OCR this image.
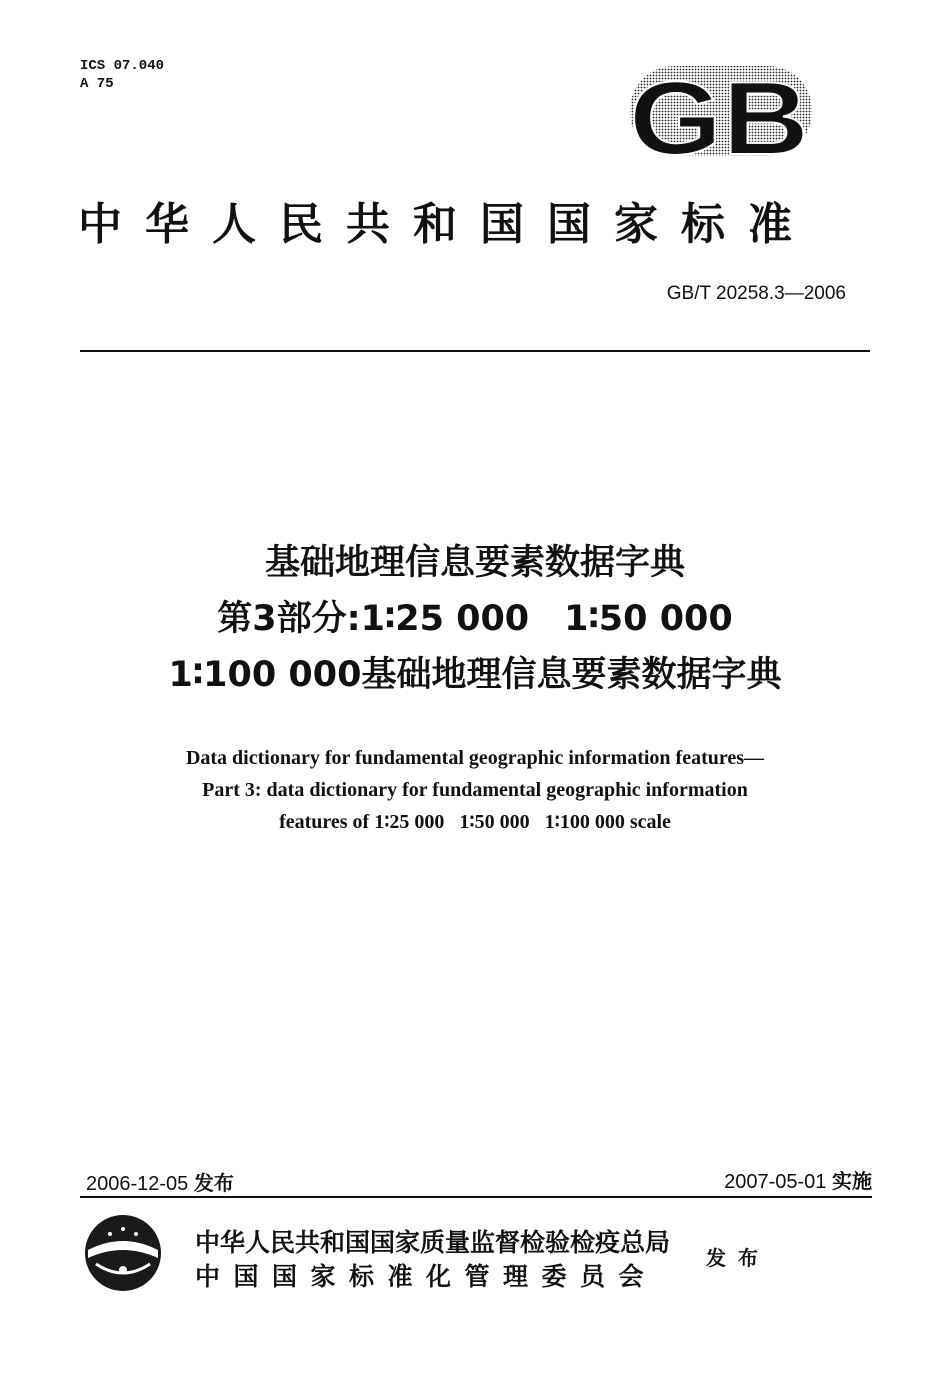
ICS 07.040
A 75	GB
中华人民共和国国家标准
GB/T 20258.3—2006
基础地理信息要素数据字典
第3部分:1∶25 000　1∶50 000
1∶100 000基础地理信息要素数据字典
Data dictionary for fundamental geographic information features—
Part 3: data dictionary for fundamental geographic information
features of 1∶25 000   1∶50 000   1∶100 000 scale
2006-12-05 发布	2007-05-01 实施
中华人民共和国国家质量监督检验检疫总局
中国国家标准化管理委员会
发布
